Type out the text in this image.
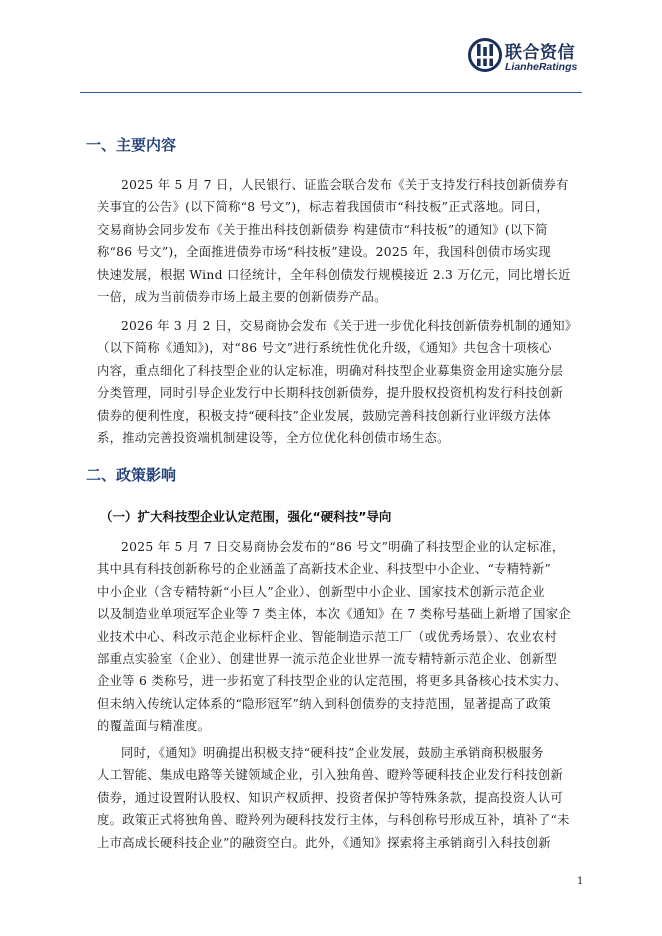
联合资信
LianheRatings
一、主要内容
2025 年 5 月 7 日，人民银行、证监会联合发布《关于支持发行科技创新债券有
关事宜的公告》(以下简称“8 号文”)，标志着我国债市“科技板”正式落地。同日，
交易商协会同步发布《关于推出科技创新债券 构建债市“科技板”的通知》(以下简
称“86 号文”)，全面推进债券市场“科技板”建设。2025 年，我国科创债市场实现
快速发展，根据 Wind 口径统计，全年科创债发行规模接近 2.3 万亿元，同比增长近
一倍，成为当前债券市场上最主要的创新债券产品。
2026 年 3 月 2 日，交易商协会发布《关于进一步优化科技创新债券机制的通知》
（以下简称《通知》)，对“86 号文”进行系统性优化升级，《通知》共包含十项核心
内容，重点细化了科技型企业的认定标准，明确对科技型企业募集资金用途实施分层
分类管理，同时引导企业发行中长期科技创新债券，提升股权投资机构发行科技创新
债券的便利性度，积极支持“硬科技”企业发展，鼓励完善科技创新行业评级方法体
系，推动完善投资端机制建设等，全方位优化科创债市场生态。
二、政策影响
（一）扩大科技型企业认定范围，强化“硬科技”导向
2025 年 5 月 7 日交易商协会发布的“86 号文”明确了科技型企业的认定标准，
其中具有科技创新称号的企业涵盖了高新技术企业、科技型中小企业、“专精特新”
中小企业（含专精特新“小巨人”企业）、创新型中小企业、国家技术创新示范企业
以及制造业单项冠军企业等 7 类主体，本次《通知》在 7 类称号基础上新增了国家企
业技术中心、科改示范企业标杆企业、智能制造示范工厂（或优秀场景）、农业农村
部重点实验室（企业）、创建世界一流示范企业世界一流专精特新示范企业、创新型
企业等 6 类称号，进一步拓宽了科技型企业的认定范围，将更多具备核心技术实力、
但未纳入传统认定体系的“隐形冠军”纳入到科创债券的支持范围，显著提高了政策
的覆盖面与精准度。
同时，《通知》明确提出积极支持“硬科技”企业发展，鼓励主承销商积极服务
人工智能、集成电路等关键领域企业，引入独角兽、瞪羚等硬科技企业发行科技创新
债券，通过设置附认股权、知识产权质押、投资者保护等特殊条款，提高投资人认可
度。政策正式将独角兽、瞪羚列为硬科技发行主体，与科创称号形成互补，填补了“未
上市高成长硬科技企业”的融资空白。此外，《通知》探索将主承销商引入科技创新
1
